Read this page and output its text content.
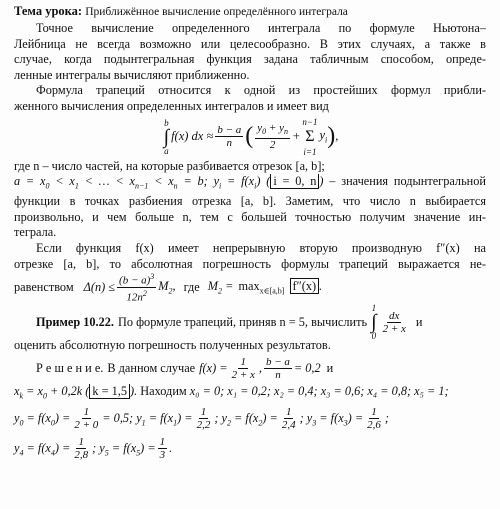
Тема урока: Приближённое вычисление определённого интеграла
Точное вычисление определенного интеграла по формуле Ньютона–
Лейбница не всегда возможно или целесообразно. В этих случаях, а также в
случае, когда подынтегральная функция задана табличным способом, опреде-
ленные интегралы вычисляют приближенно.
Формула трапеций относится к одной из простейших формул прибли-
женного вычисления определенных интегралов и имеет вид
b
∫
a
f(x) dx ≈ $\frac{b - a}{n}$ ( $\frac{y_0 + y_n}{2}$ +
n−1
Σ
i=1
$y_i$ ) ,
где n – число частей, на которые разбивается отрезок [a, b];
$a = x_0 < x_1$ < … < $x_{n-1} < x_n = b$; $y_i = f(x_i)$ ( i = 0, n ) – значения подынтегральной
функции в точках разбиения отрезка [a, b]. Заметим, что число n выбирается
произвольно, и чем больше n, тем с большей точностью получим значение ин-
теграла.
Если функция f(x) имеет непрерывную вторую производную f″(x) на
отрезке [a, b], то абсолютная погрешность формулы трапеций выражается не-
равенством $\Delta(n) \le \frac{(b - a)^3}{12n^2} M_2$, где $M_2 = \max_{x\in[a,b]} f''(x)$ .
Пример 10.22. По формуле трапеций, приняв n = 5, вычислить
1
∫
0
$\frac{dx}{2 + x}$ и
оценить абсолютную погрешность полученных результатов.
Р е ш е н и е. В данном случае $f(x) = \frac{1}{2 + x}$ , $\frac{b - a}{n} = 0,2$ и
$x_k = x_0 + 0,2k$ ( k = 1,5 ). Находим x₀ = 0; x₁ = 0,2; x₂ = 0,4; x₃ = 0,6; x₄ = 0,8; x₅ = 1;
$y_0 = f(x_0) = \frac{1}{2 + 0} = 0,5$; $y_1 = f(x_1) = \frac{1}{2,2}$ ; $y_2 = f(x_2) = \frac{1}{2,4}$ ; $y_3 = f(x_3) = \frac{1}{2,6}$ ;
$y_4 = f(x_4) = \frac{1}{2,8}$ ; $y_5 = f(x_5) = \frac{1}{3}$ .
